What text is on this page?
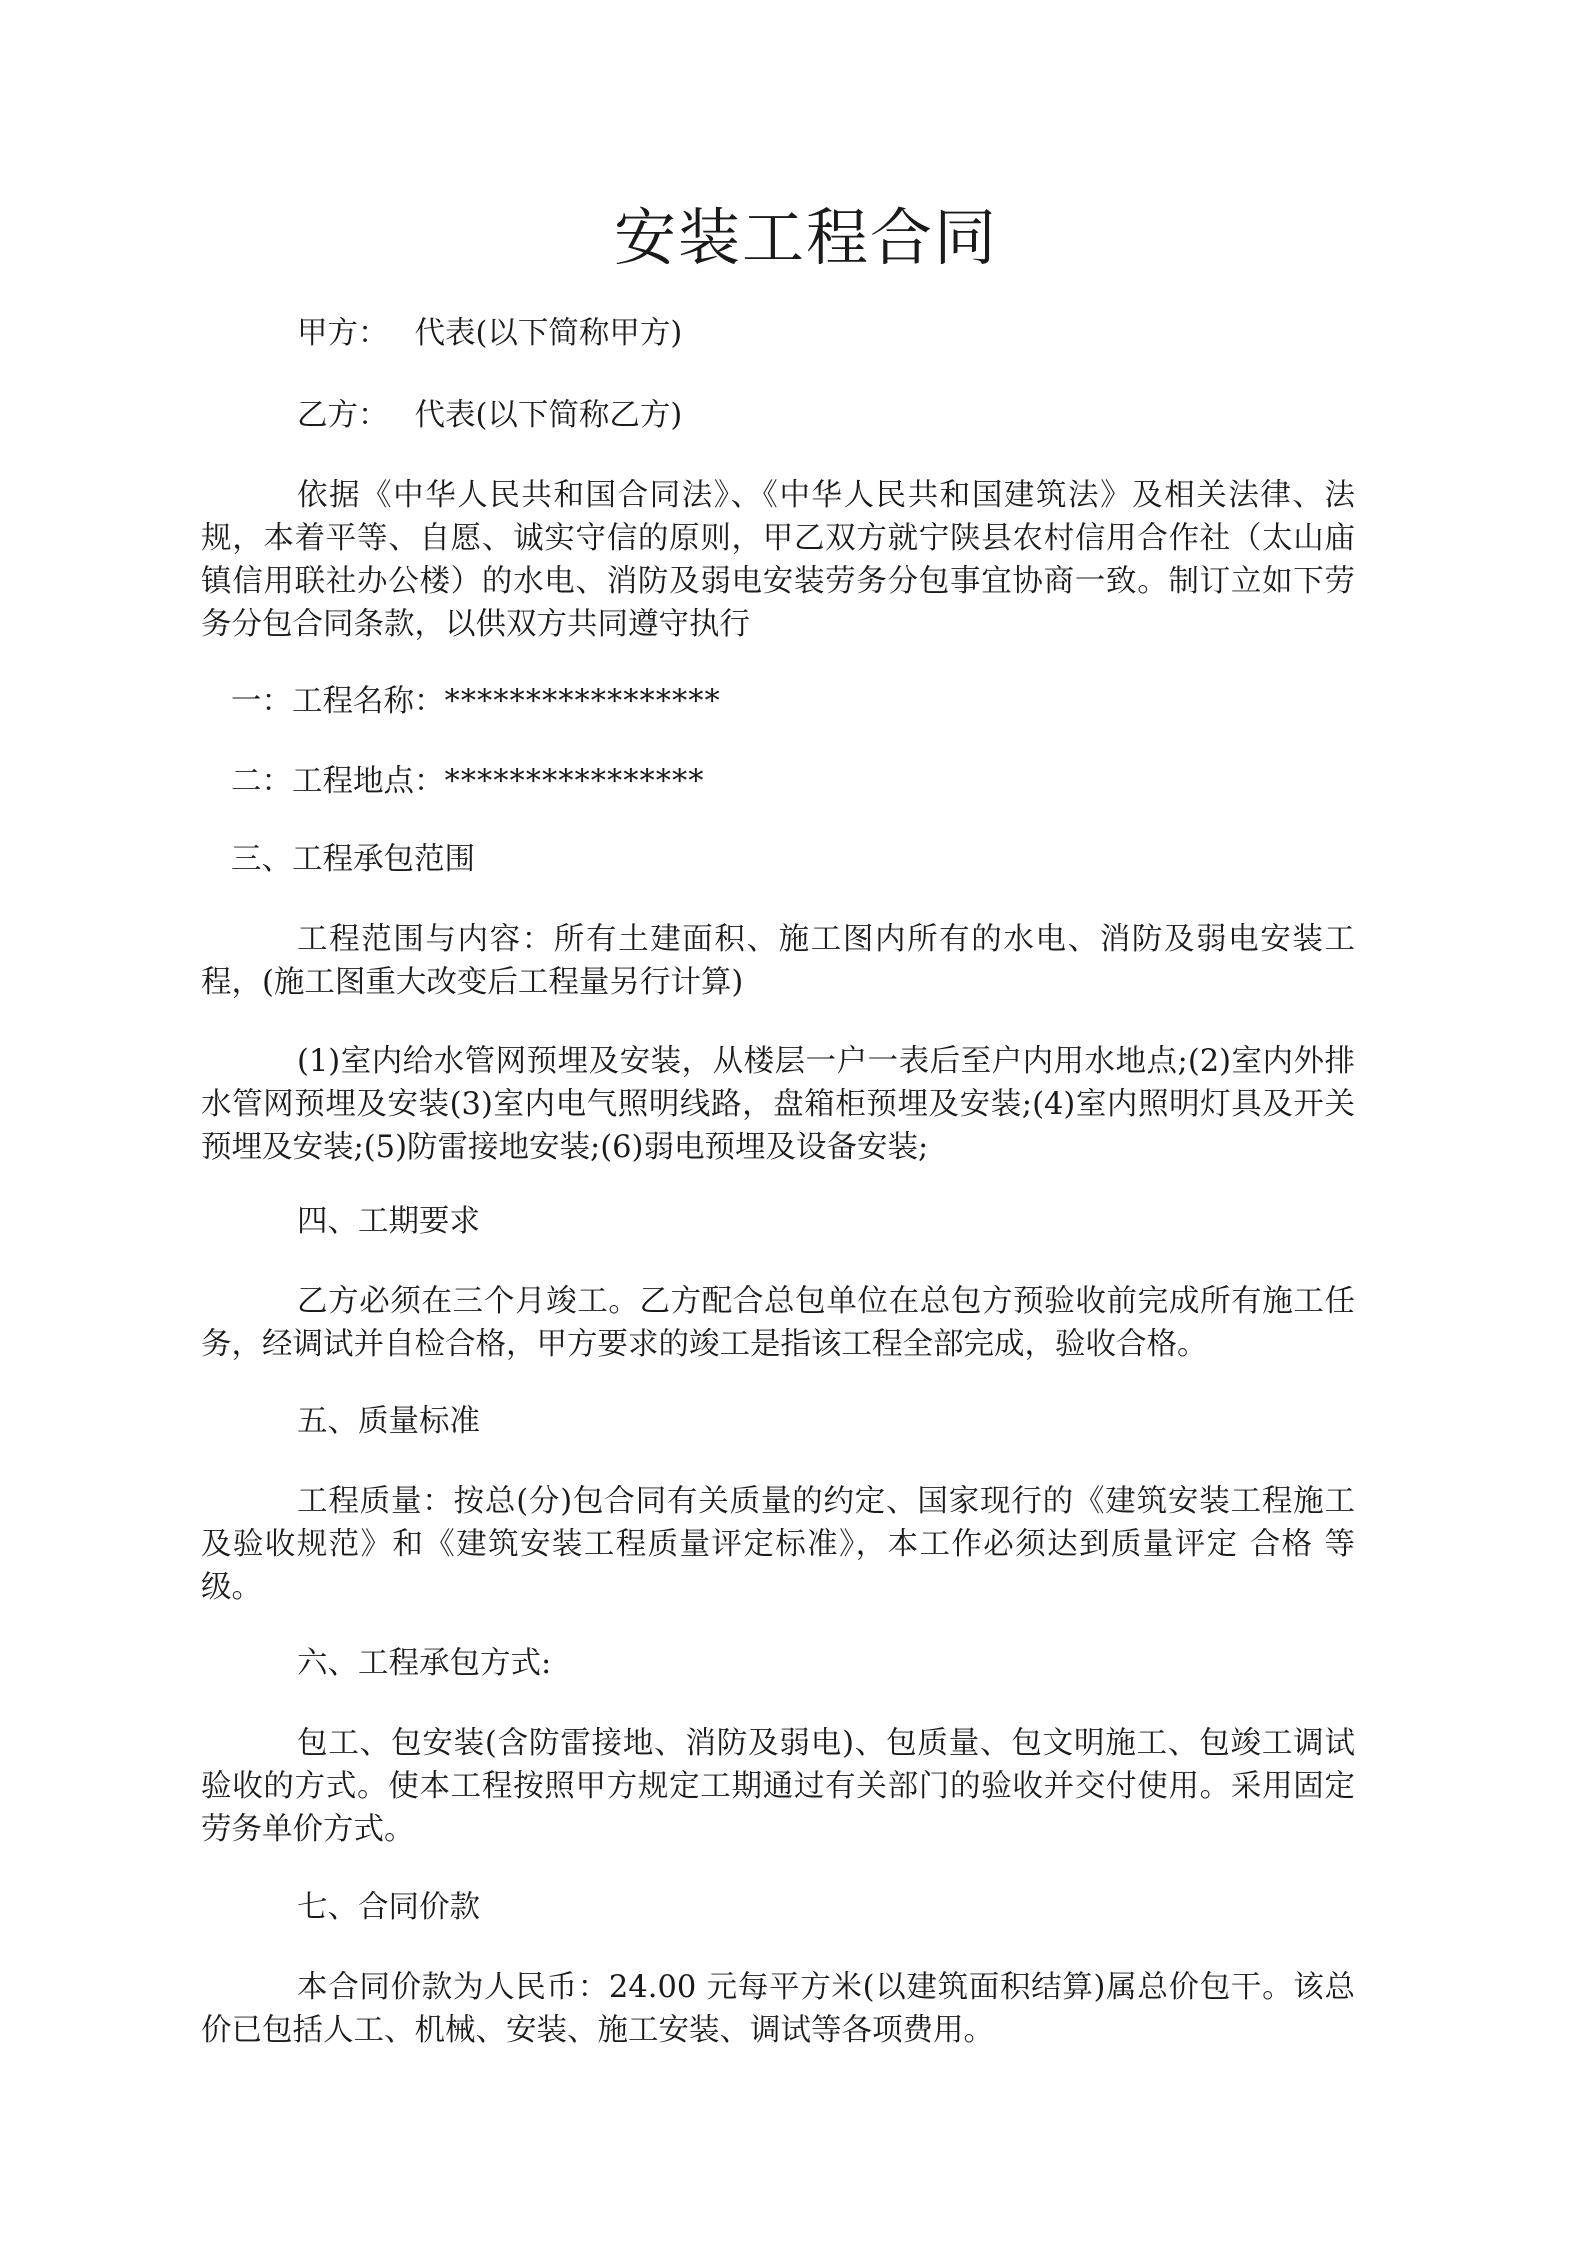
安装工程合同

甲方： 代表(以下简称甲方)

乙方： 代表(以下简称乙方)

依据《中华人民共和国合同法》、《中华人民共和国建筑法》及相关法律、法规，本着平等、自愿、诚实守信的原则，甲乙双方就宁陕县农村信用合作社（太山庙镇信用联社办公楼）的水电、消防及弱电安装劳务分包事宜协商一致。制订立如下劳务分包合同条款，以供双方共同遵守执行

一：工程名称：*****************

二：工程地点：****************

三、工程承包范围

工程范围与内容：所有土建面积、施工图内所有的水电、消防及弱电安装工程，(施工图重大改变后工程量另行计算)

(1)室内给水管网预埋及安装，从楼层一户一表后至户内用水地点;(2)室内外排水管网预埋及安装(3)室内电气照明线路，盘箱柜预埋及安装;(4)室内照明灯具及开关预埋及安装;(5)防雷接地安装;(6)弱电预埋及设备安装;

四、工期要求

乙方必须在三个月竣工。乙方配合总包单位在总包方预验收前完成所有施工任务，经调试并自检合格，甲方要求的竣工是指该工程全部完成，验收合格。

五、质量标准

工程质量：按总(分)包合同有关质量的约定、国家现行的《建筑安装工程施工及验收规范》和《建筑安装工程质量评定标准》，本工作必须达到质量评定 合格 等级。

六、工程承包方式:

包工、包安装(含防雷接地、消防及弱电)、包质量、包文明施工、包竣工调试验收的方式。使本工程按照甲方规定工期通过有关部门的验收并交付使用。采用固定劳务单价方式。

七、合同价款

本合同价款为人民币：24.00 元每平方米(以建筑面积结算)属总价包干。该总价已包括人工、机械、安装、施工安装、调试等各项费用。
